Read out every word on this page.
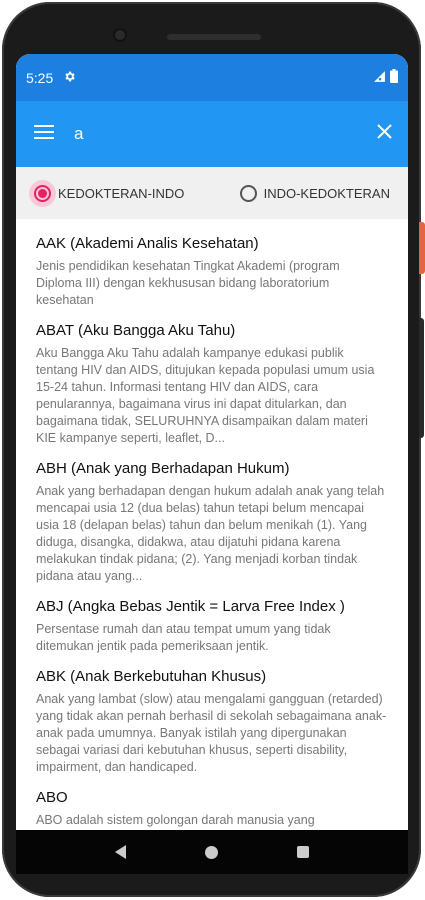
5:25
a
KEDOKTERAN-INDO	INDO-KEDOKTERAN
AAK (Akademi Analis Kesehatan)
Jenis pendidikan kesehatan Tingkat Akademi (program Diploma III) dengan kekhususan bidang laboratorium kesehatan
ABAT (Aku Bangga Aku Tahu)
Aku Bangga Aku Tahu adalah kampanye edukasi publik tentang HIV dan AIDS, ditujukan kepada populasi umum usia 15-24 tahun. Informasi tentang HIV dan AIDS, cara penularannya, bagaimana virus ini dapat ditularkan, dan bagaimana tidak, SELURUHNYA disampaikan dalam materi KIE kampanye seperti, leaflet, D...
ABH (Anak yang Berhadapan Hukum)
Anak yang berhadapan dengan hukum adalah anak yang telah mencapai usia 12 (dua belas) tahun tetapi belum mencapai usia 18 (delapan belas) tahun dan belum menikah (1). Yang diduga, disangka, didakwa, atau dijatuhi pidana karena melakukan tindak pidana; (2). Yang menjadi korban tindak pidana atau yang...
ABJ (Angka Bebas Jentik = Larva Free Index )
Persentase rumah dan atau tempat umum yang tidak ditemukan jentik pada pemeriksaan jentik.
ABK (Anak Berkebutuhan Khusus)
Anak yang lambat (slow) atau mengalami gangguan (retarded) yang tidak akan pernah berhasil di sekolah sebagaimana anak-anak pada umumnya. Banyak istilah yang dipergunakan sebagai variasi dari kebutuhan khusus, seperti disability, impairment, dan handicaped.
ABO
ABO adalah sistem golongan darah manusia yang
